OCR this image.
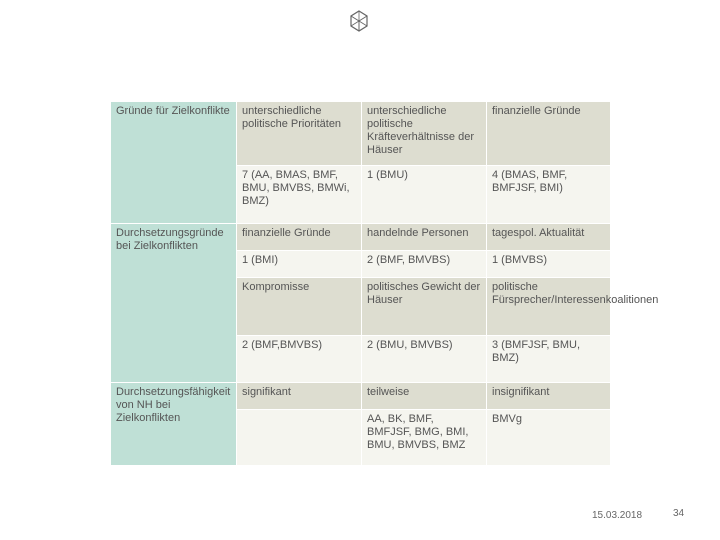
Gründe für Zielkonflikte	unterschiedliche politische Prioritäten	unterschiedliche politische Kräfteverhältnisse der Häuser	finanzielle Gründe
	7 (AA, BMAS, BMF, BMU, BMVBS, BMWi, BMZ)	1 (BMU)	4 (BMAS, BMF, BMFJSF, BMI)
Durchsetzungsgründe bei Zielkonflikten	finanzielle Gründe	handelnde Personen	tagespol. Aktualität
	1 (BMI)	2 (BMF, BMVBS)	1 (BMVBS)
	Kompromisse	politisches Gewicht der Häuser	politische Fürsprecher/Interessenkoalitionen
	2 (BMF,BMVBS)	2 (BMU, BMVBS)	3 (BMFJSF, BMU, BMZ)
Durchsetzungsfähigkeit von NH bei Zielkonflikten	signifikant	teilweise	insignifikant
		AA, BK, BMF, BMFJSF, BMG, BMI, BMU, BMVBS, BMZ	BMVg
15.03.2018	34
